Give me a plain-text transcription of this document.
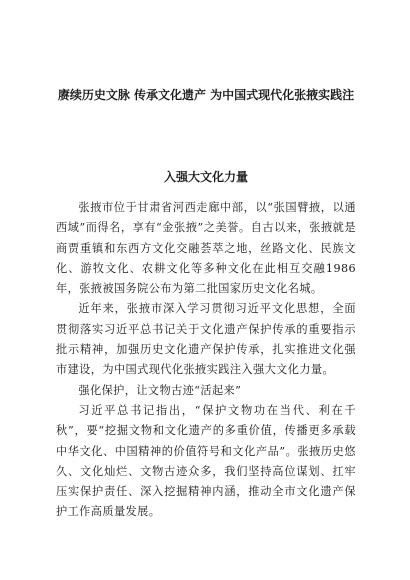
赓续历史文脉 传承文化遗产 为中国式现代化张掖实践注
入强大文化力量

张掖市位于甘肃省河西走廊中部，以“张国臂掖，以通西域”而得名，享有“金张掖”之美誉。自古以来，张掖就是商贾重镇和东西方文化交融荟萃之地，丝路文化、民族文化、游牧文化、农耕文化等多种文化在此相互交融1986年，张掖被国务院公布为第二批国家历史文化名城。

近年来，张掖市深入学习贯彻习近平文化思想，全面贯彻落实习近平总书记关于文化遗产保护传承的重要指示批示精神，加强历史文化遗产保护传承，扎实推进文化强市建设，为中国式现代化张掖实践注入强大文化力量。

强化保护，让文物古迹“活起来”

习近平总书记指出，“保护文物功在当代、利在千秋”，要“挖掘文物和文化遗产的多重价值，传播更多承载中华文化、中国精神的价值符号和文化产品”。张掖历史悠久、文化灿烂、文物古迹众多，我们坚持高位谋划、扛牢压实保护责任、深入挖掘精神内涵，推动全市文化遗产保护工作高质量发展。
